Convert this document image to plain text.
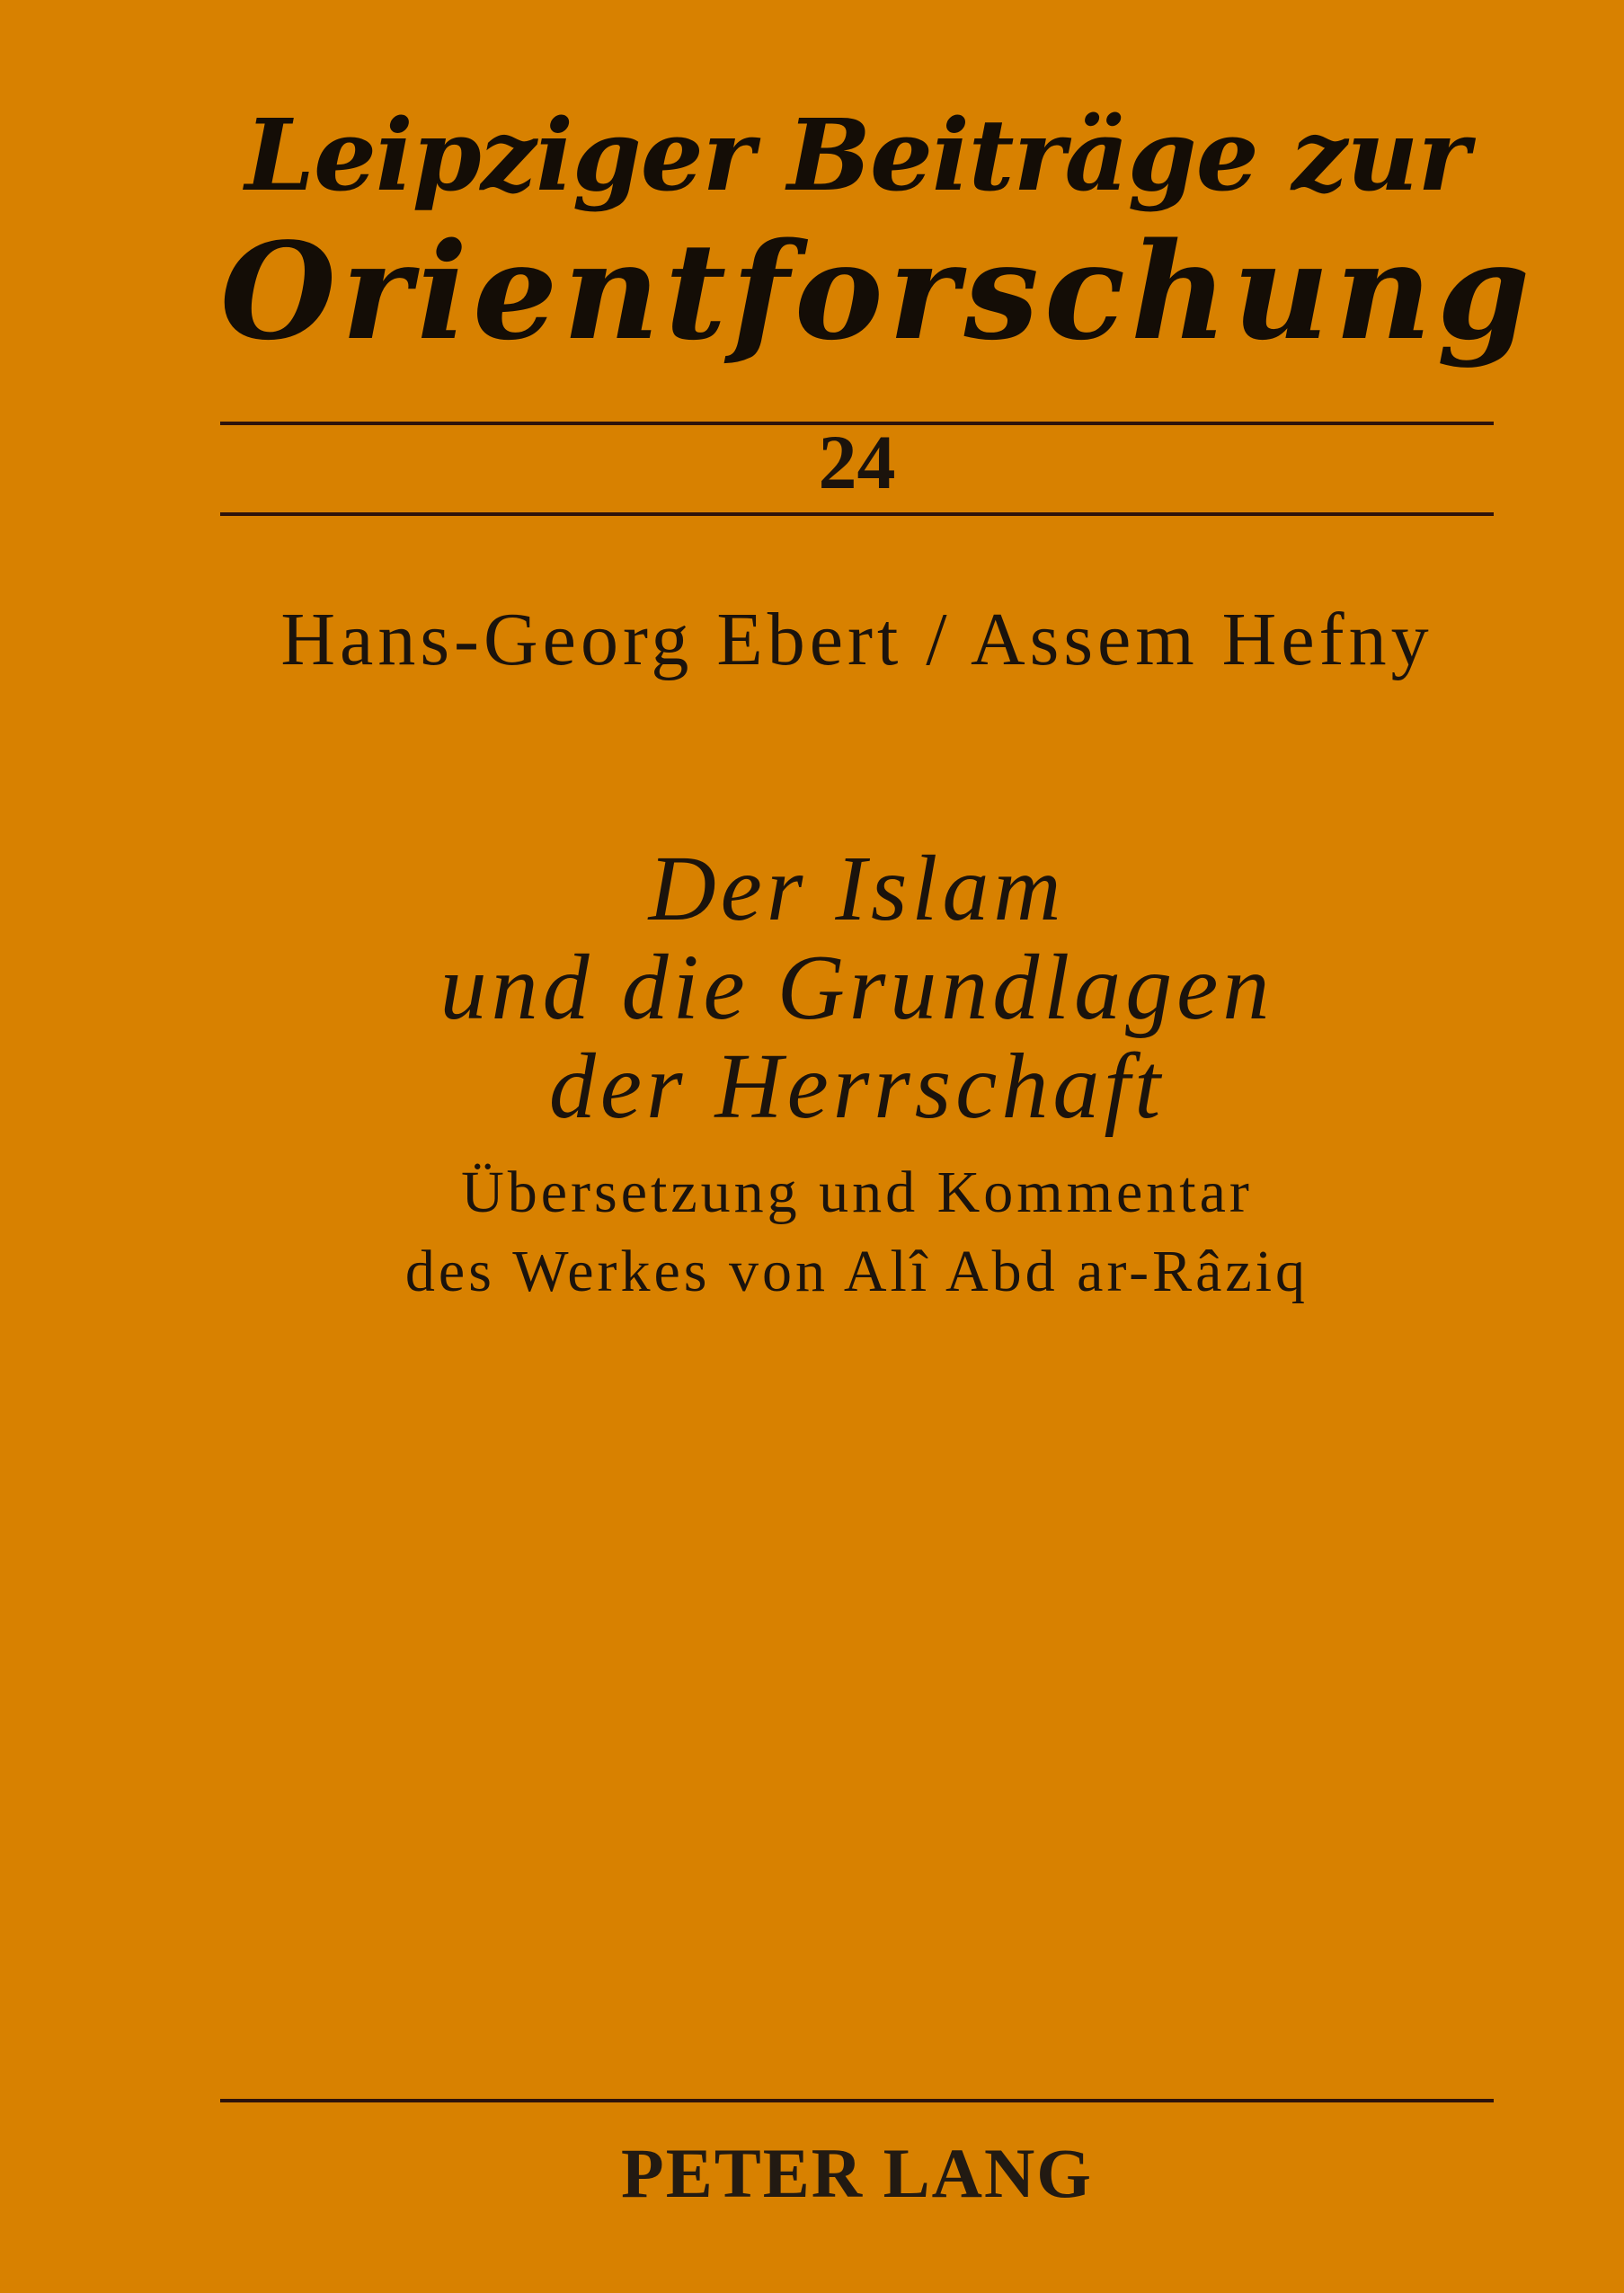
Leipziger Beiträge zur
Orientforschung
24
Hans-Georg Ebert / Assem Hefny
Der Islam
und die Grundlagen
der Herrschaft
Übersetzung und Kommentar
des Werkes von Alî Abd ar-Râziq
PETER LANG
